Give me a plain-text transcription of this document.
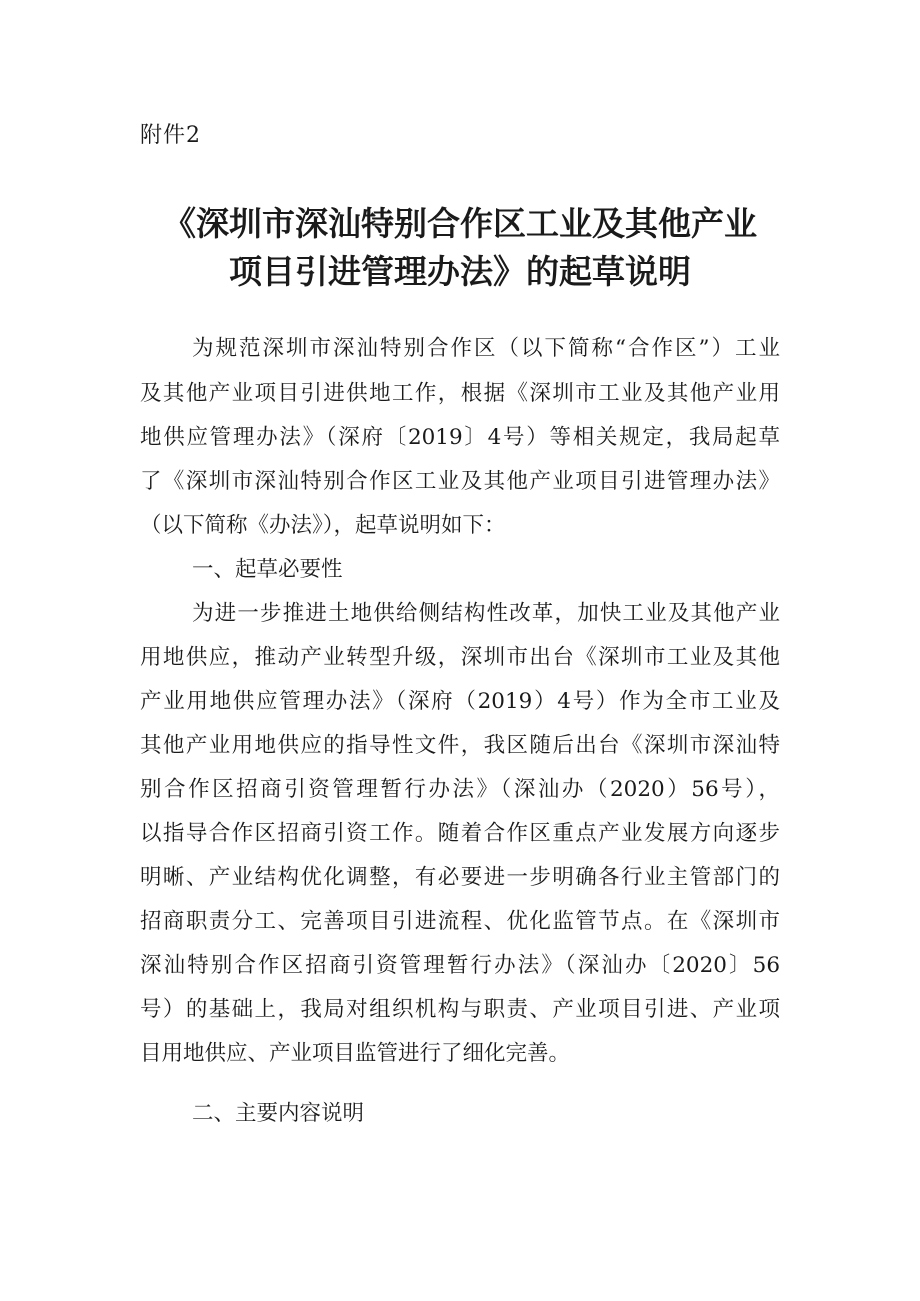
附件2
《深圳市深汕特别合作区工业及其他产业
项目引进管理办法》的起草说明
为规范深圳市深汕特别合作区（以下简称“合作区”）工业
及其他产业项目引进供地工作，根据《深圳市工业及其他产业用
地供应管理办法》（深府〔2019〕4号）等相关规定，我局起草
了《深圳市深汕特别合作区工业及其他产业项目引进管理办法》
（以下简称《办法》），起草说明如下：
一、起草必要性
为进一步推进土地供给侧结构性改革，加快工业及其他产业
用地供应，推动产业转型升级，深圳市出台《深圳市工业及其他
产业用地供应管理办法》（深府（2019）4号）作为全市工业及
其他产业用地供应的指导性文件，我区随后出台《深圳市深汕特
别合作区招商引资管理暂行办法》（深汕办（2020）56号），
以指导合作区招商引资工作。随着合作区重点产业发展方向逐步
明晰、产业结构优化调整，有必要进一步明确各行业主管部门的
招商职责分工、完善项目引进流程、优化监管节点。在《深圳市
深汕特别合作区招商引资管理暂行办法》（深汕办〔2020〕56
号）的基础上，我局对组织机构与职责、产业项目引进、产业项
目用地供应、产业项目监管进行了细化完善。
二、主要内容说明
